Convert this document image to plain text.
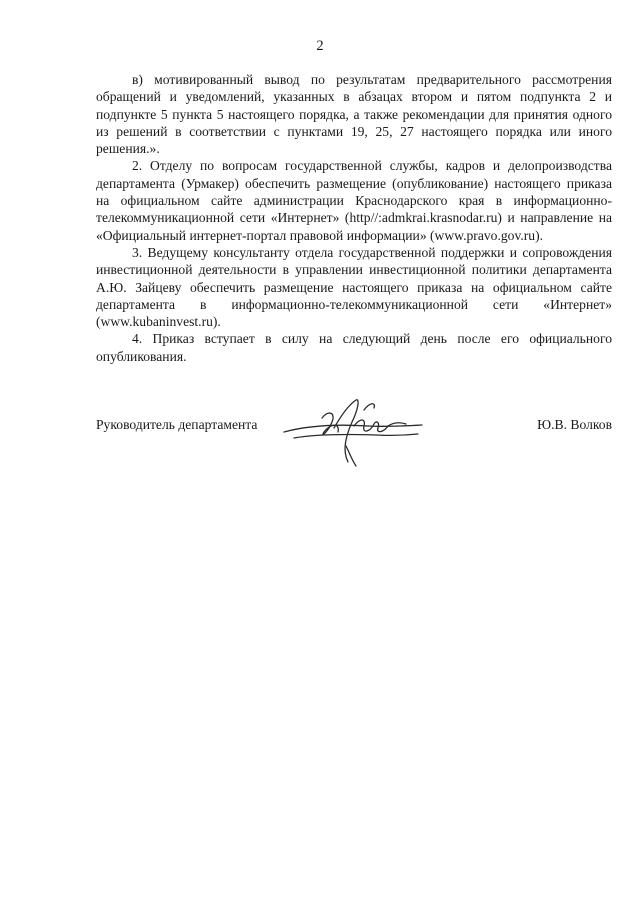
2

в) мотивированный вывод по результатам предварительного рассмотрения обращений и уведомлений, указанных в абзацах втором и пятом подпункта 2 и подпункте 5 пункта 5 настоящего порядка, а также рекомендации для принятия одного из решений в соответствии с пунктами 19, 25, 27 настоящего порядка или иного решения.».

2. Отделу по вопросам государственной службы, кадров и делопроизводства департамента (Урмакер) обеспечить размещение (опубликование) настоящего приказа на официальном сайте администрации Краснодарского края в информационно-телекоммуникационной сети «Интернет» (http//:admkrai.krasnodar.ru) и направление на «Официальный интернет-портал правовой информации» (www.pravo.gov.ru).

3. Ведущему консультанту отдела государственной поддержки и сопровождения инвестиционной деятельности в управлении инвестиционной политики департамента А.Ю. Зайцеву обеспечить размещение настоящего приказа на официальном сайте департамента в информационно-телекоммуникационной сети «Интернет» (www.kubaninvest.ru).

4. Приказ вступает в силу на следующий день после его официального опубликования.

Руководитель департамента	Ю.В. Волков
